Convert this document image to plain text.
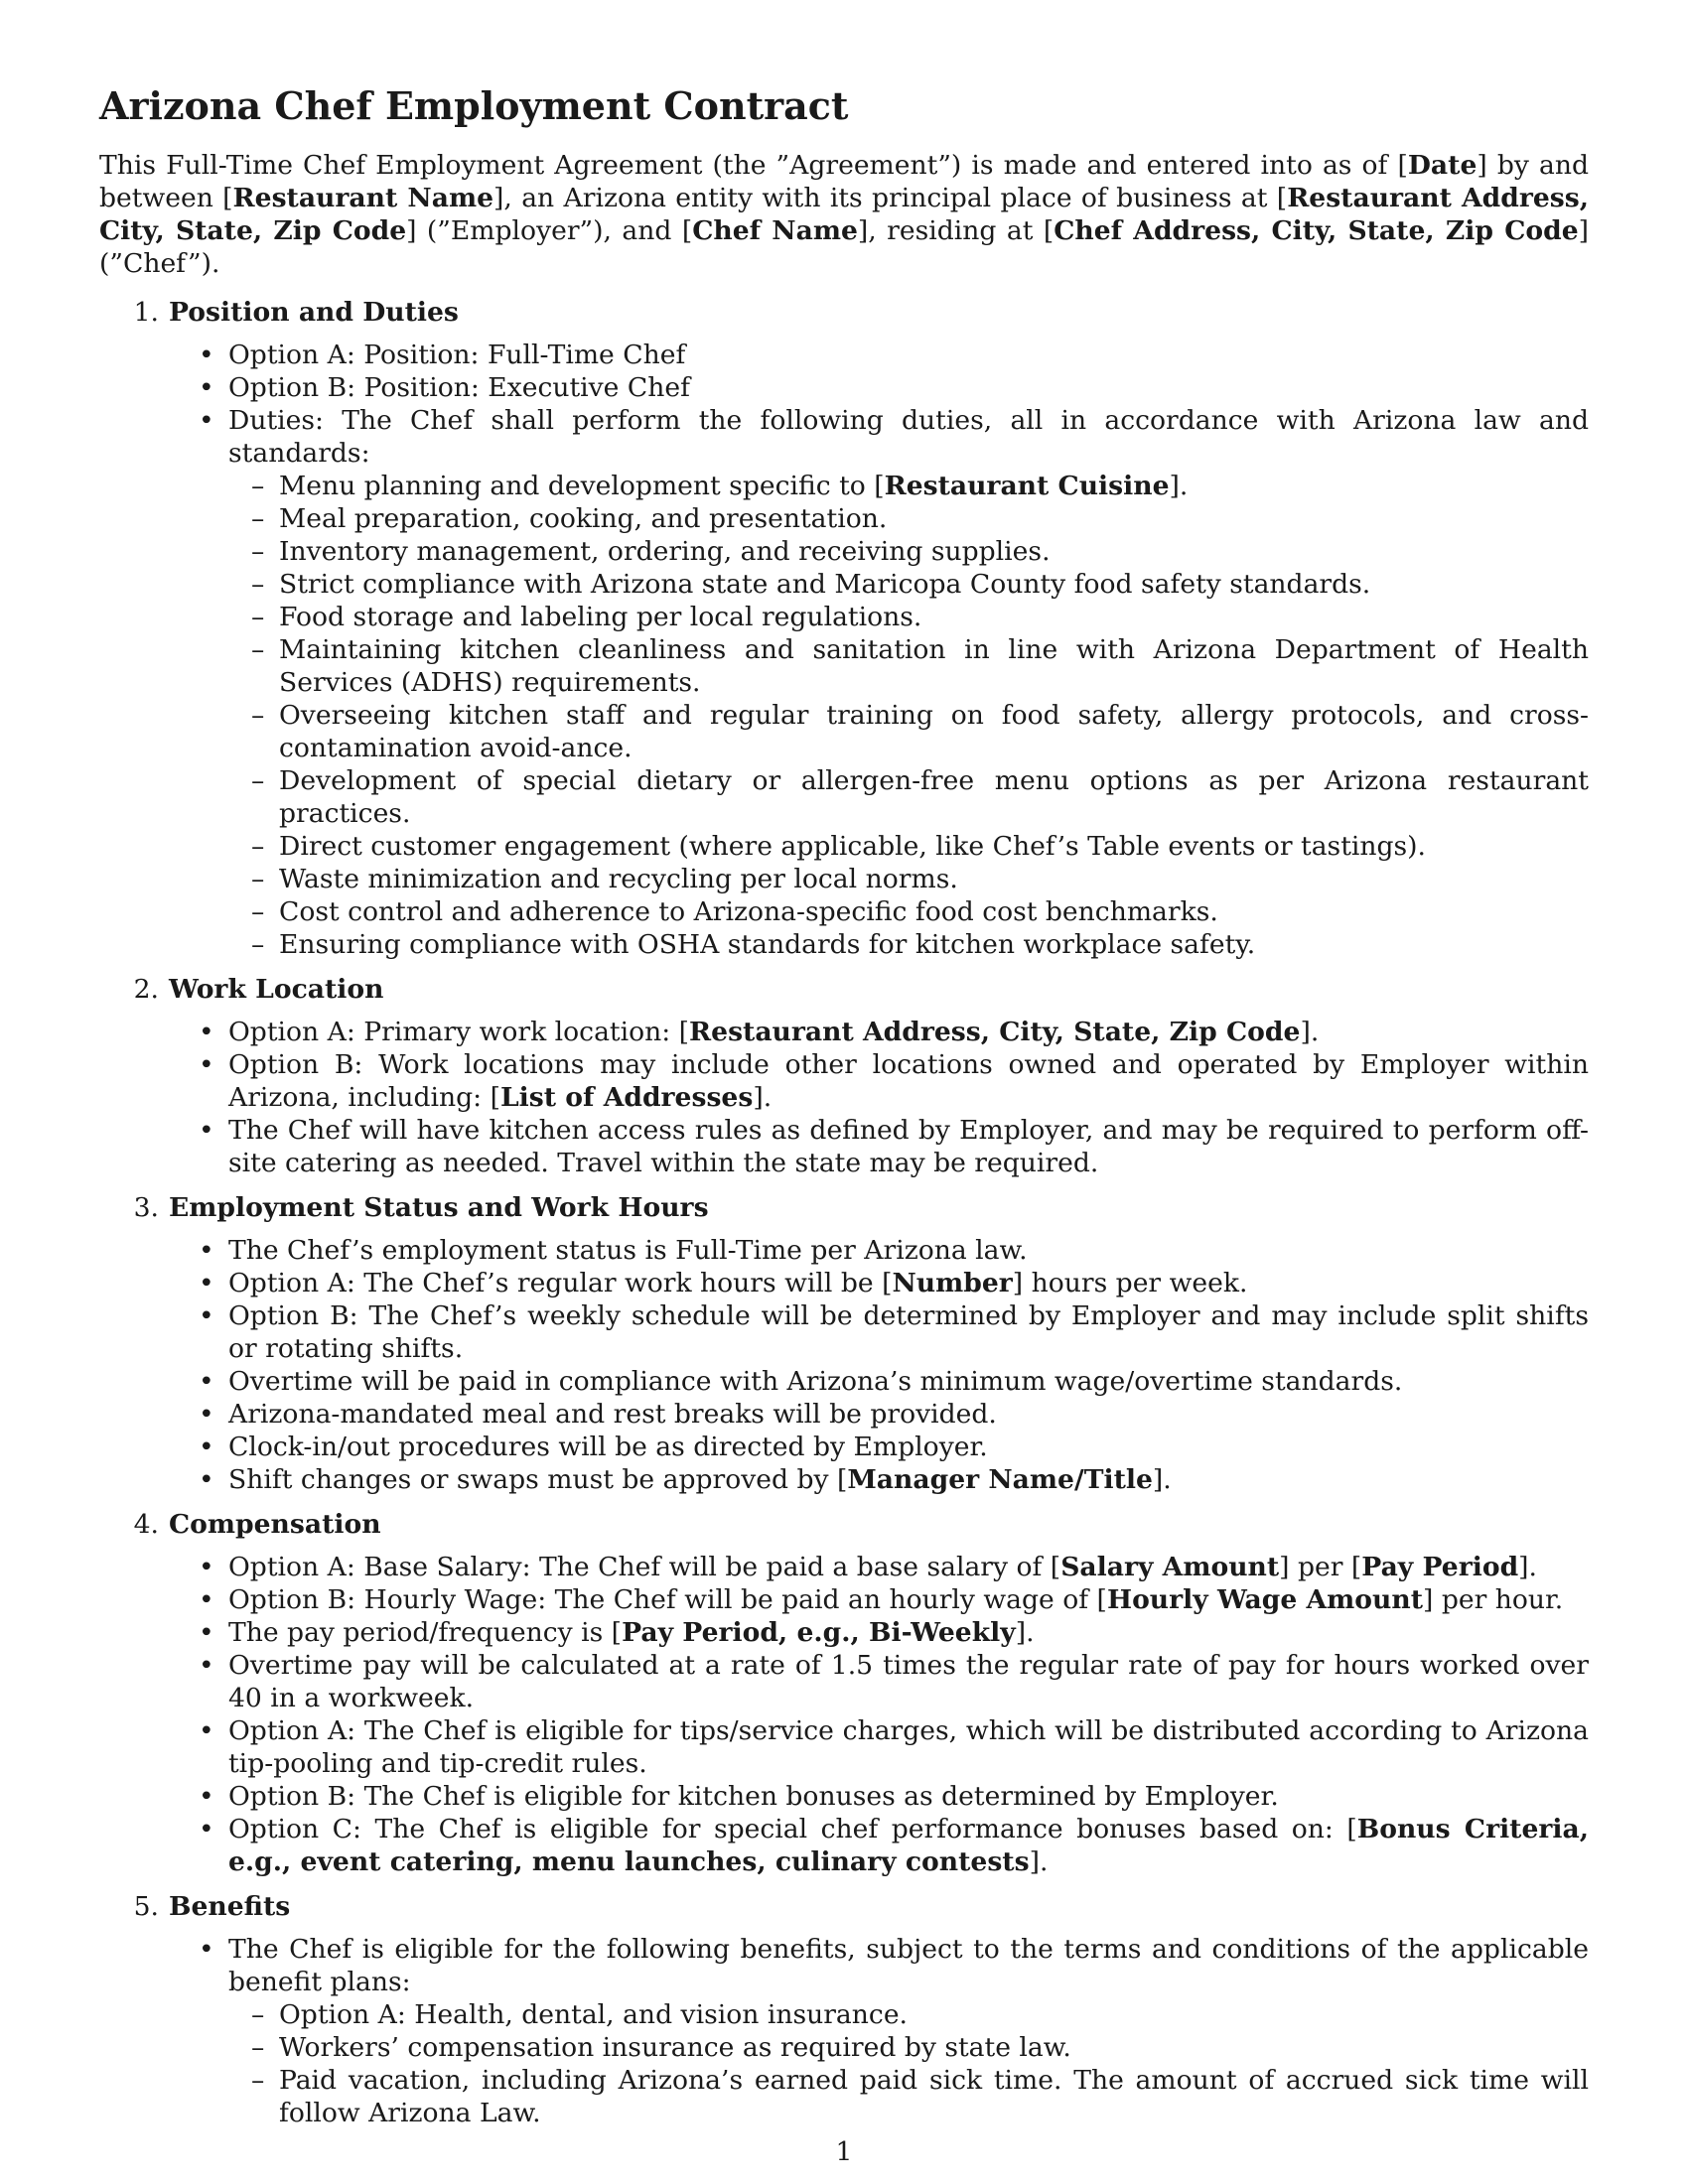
Arizona Chef Employment Contract

This Full-Time Chef Employment Agreement (the ”Agreement”) is made and entered into as of [Date] by and between [Restaurant Name], an Arizona entity with its principal place of business at [Restaurant Address, City, State, Zip Code] (”Employer”), and [Chef Name], residing at [Chef Address, City, State, Zip Code] (”Chef”).

1. Position and Duties
• Option A: Position: Full-Time Chef
• Option B: Position: Executive Chef
• Duties: The Chef shall perform the following duties, all in accordance with Arizona law and standards:
– Menu planning and development specific to [Restaurant Cuisine].
– Meal preparation, cooking, and presentation.
– Inventory management, ordering, and receiving supplies.
– Strict compliance with Arizona state and Maricopa County food safety standards.
– Food storage and labeling per local regulations.
– Maintaining kitchen cleanliness and sanitation in line with Arizona Department of Health Services (ADHS) requirements.
– Overseeing kitchen staff and regular training on food safety, allergy protocols, and cross-contamination avoid-ance.
– Development of special dietary or allergen-free menu options as per Arizona restaurant practices.
– Direct customer engagement (where applicable, like Chef’s Table events or tastings).
– Waste minimization and recycling per local norms.
– Cost control and adherence to Arizona-specific food cost benchmarks.
– Ensuring compliance with OSHA standards for kitchen workplace safety.
2. Work Location
• Option A: Primary work location: [Restaurant Address, City, State, Zip Code].
• Option B: Work locations may include other locations owned and operated by Employer within Arizona, including: [List of Addresses].
• The Chef will have kitchen access rules as defined by Employer, and may be required to perform off-site catering as needed. Travel within the state may be required.
3. Employment Status and Work Hours
• The Chef’s employment status is Full-Time per Arizona law.
• Option A: The Chef’s regular work hours will be [Number] hours per week.
• Option B: The Chef’s weekly schedule will be determined by Employer and may include split shifts or rotating shifts.
• Overtime will be paid in compliance with Arizona’s minimum wage/overtime standards.
• Arizona-mandated meal and rest breaks will be provided.
• Clock-in/out procedures will be as directed by Employer.
• Shift changes or swaps must be approved by [Manager Name/Title].
4. Compensation
• Option A: Base Salary: The Chef will be paid a base salary of [Salary Amount] per [Pay Period].
• Option B: Hourly Wage: The Chef will be paid an hourly wage of [Hourly Wage Amount] per hour.
• The pay period/frequency is [Pay Period, e.g., Bi-Weekly].
• Overtime pay will be calculated at a rate of 1.5 times the regular rate of pay for hours worked over 40 in a workweek.
• Option A: The Chef is eligible for tips/service charges, which will be distributed according to Arizona tip-pooling and tip-credit rules.
• Option B: The Chef is eligible for kitchen bonuses as determined by Employer.
• Option C: The Chef is eligible for special chef performance bonuses based on: [Bonus Criteria, e.g., event catering, menu launches, culinary contests].
5. Benefits
• The Chef is eligible for the following benefits, subject to the terms and conditions of the applicable benefit plans:
– Option A: Health, dental, and vision insurance.
– Workers’ compensation insurance as required by state law.
– Paid vacation, including Arizona’s earned paid sick time. The amount of accrued sick time will follow Arizona Law.
1
